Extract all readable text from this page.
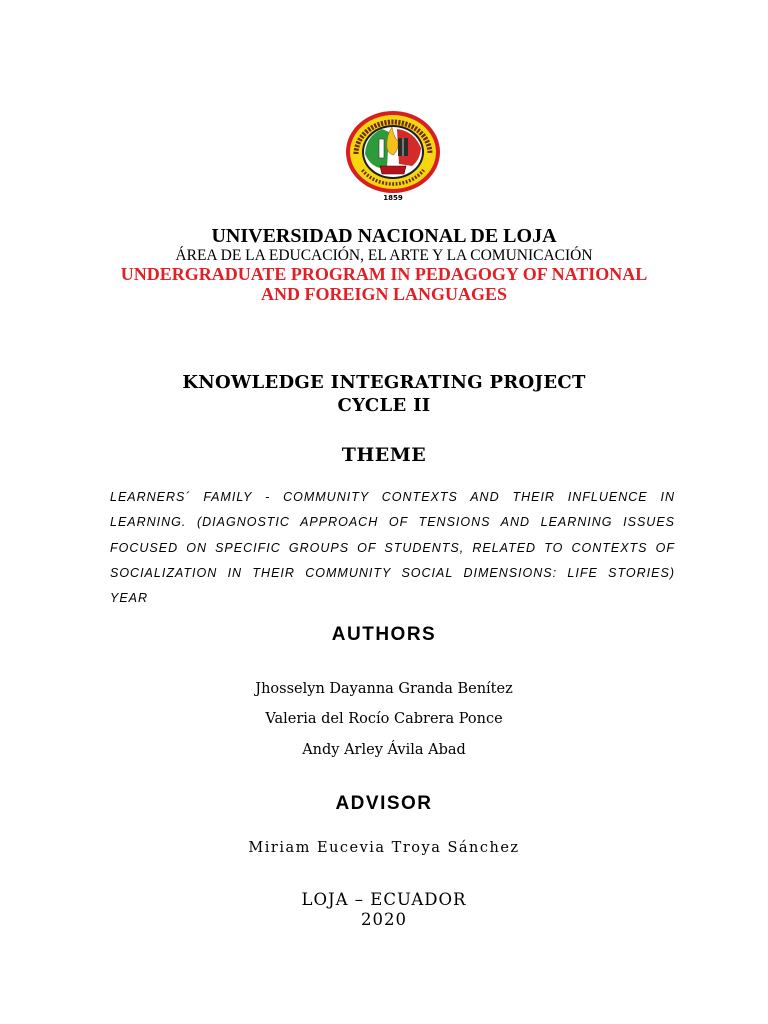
1859
UNIVERSIDAD NACIONAL DE LOJA
ÁREA DE LA EDUCACIÓN, EL ARTE Y LA COMUNICACIÓN
UNDERGRADUATE PROGRAM IN PEDAGOGY OF NATIONAL
AND FOREIGN LANGUAGES
KNOWLEDGE INTEGRATING PROJECT
CYCLE II
THEME
LEARNERS´ FAMILY - COMMUNITY CONTEXTS AND THEIR INFLUENCE IN
LEARNING. (DIAGNOSTIC APPROACH OF TENSIONS AND LEARNING ISSUES
FOCUSED ON SPECIFIC GROUPS OF STUDENTS, RELATED TO CONTEXTS OF
SOCIALIZATION IN THEIR COMMUNITY SOCIAL DIMENSIONS: LIFE STORIES)
YEAR
AUTHORS
Jhosselyn Dayanna Granda Benítez
Valeria del Rocío Cabrera Ponce
Andy Arley Ávila Abad
ADVISOR
Miriam Eucevia Troya Sánchez
LOJA – ECUADOR
2020
